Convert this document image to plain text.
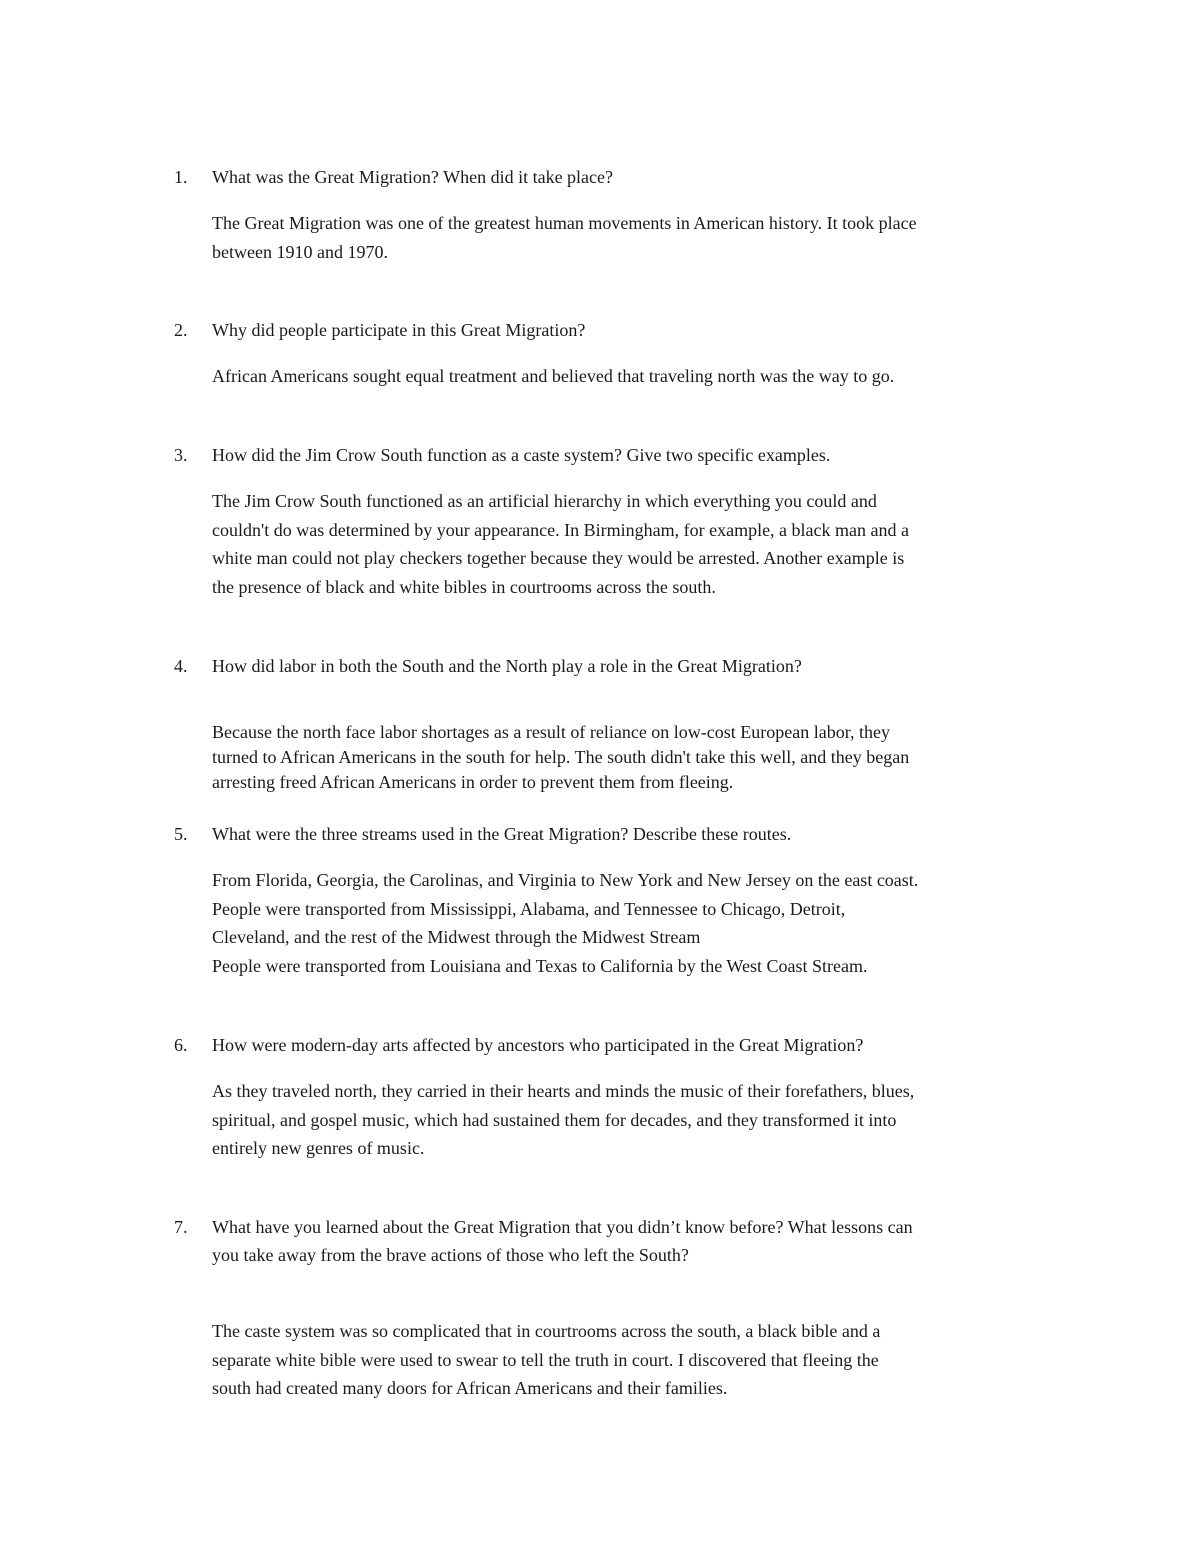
1. What was the Great Migration? When did it take place?
The Great Migration was one of the greatest human movements in American history. It took place
between 1910 and 1970.
2. Why did people participate in this Great Migration?
African Americans sought equal treatment and believed that traveling north was the way to go.
3. How did the Jim Crow South function as a caste system? Give two specific examples.
The Jim Crow South functioned as an artificial hierarchy in which everything you could and
couldn't do was determined by your appearance. In Birmingham, for example, a black man and a
white man could not play checkers together because they would be arrested. Another example is
the presence of black and white bibles in courtrooms across the south.
4. How did labor in both the South and the North play a role in the Great Migration?
Because the north face labor shortages as a result of reliance on low-cost European labor, they
turned to African Americans in the south for help. The south didn't take this well, and they began
arresting freed African Americans in order to prevent them from fleeing.
5. What were the three streams used in the Great Migration? Describe these routes.
From Florida, Georgia, the Carolinas, and Virginia to New York and New Jersey on the east coast.
People were transported from Mississippi, Alabama, and Tennessee to Chicago, Detroit,
Cleveland, and the rest of the Midwest through the Midwest Stream
People were transported from Louisiana and Texas to California by the West Coast Stream.
6. How were modern-day arts affected by ancestors who participated in the Great Migration?
As they traveled north, they carried in their hearts and minds the music of their forefathers, blues,
spiritual, and gospel music, which had sustained them for decades, and they transformed it into
entirely new genres of music.
7. What have you learned about the Great Migration that you didn’t know before? What lessons can
you take away from the brave actions of those who left the South?
The caste system was so complicated that in courtrooms across the south, a black bible and a
separate white bible were used to swear to tell the truth in court. I discovered that fleeing the
south had created many doors for African Americans and their families.
